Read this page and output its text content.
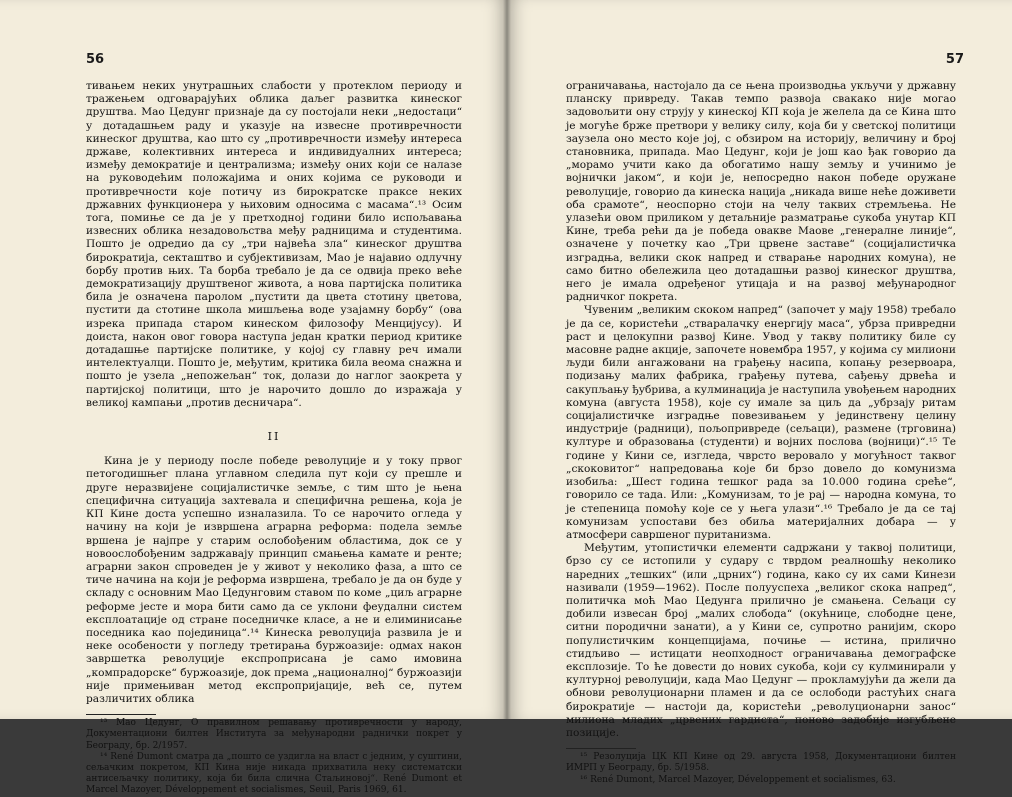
56

тивањем неких унутрашњих слабости у протеклом периоду и тражењем одговарајућих облика даљег развитка кинеског друштва. Мао Цедунг признаје да су постојали неки „недостаци“ у дотадашњем раду и указује на извесне противречности кинеског друштва, као што су „противречности између интереса државе, колективних интереса и индивидуалних интереса; између демократије и централизма; између оних који се налазе на руководећим положајима и оних којима се руководи и противречности које потичу из бирократске праксе неких државних функционера у њиховим односима с масама“.¹³ Осим тога, помиње се да је у претходној години било испољавања извесних облика незадовољства међу радницима и студентима. Пошто је одредио да су „три највећа зла“ кинеског друштва бирократија, секташтво и субјективизам, Мао је најавио одлучну борбу против њих. Та борба требало је да се одвија преко веће демократизацију друштвеног живота, а нова партијска политика била је означена паролом „пустити да цвета стотину цветова, пустити да стотине школа мишљења воде узајамну борбу“ (ова изрека припада старом кинеском филозофу Менцијусу). И доиста, након овог говора наступа један кратки период критике дотадашње партијске политике, у којој су главну реч имали интелектуалци. Пошто је, међутим, критика била веома снажна и пошто је узела „непожељан“ ток, долази до наглог заокрета у партијској политици, што је нарочито дошло до изражаја у великој кампањи „против десничара“.

II

Кина је у периоду после победе револуције и у току првог петогодишњег плана углавном следила пут који су прешле и друге неразвијене социјалистичке земље, с тим што је њена специфична ситуација захтевала и специфична решења, која је КП Кине доста успешно изналазила. То се нарочито огледа у начину на који је извршена аграрна реформа: подела земље вршена је најпре у старим ослобођеним областима, док се у новоослобођеним задржавају принцип смањења камате и ренте; аграрни закон спроведен је у живот у неколико фаза, а што се тиче начина на који је реформа извршена, требало је да он буде у складу с основним Мао Цедунговим ставом по коме „циљ аграрне реформе јесте и мора бити само да се уклони феудални систем експлоатације од стране поседничке класе, а не и елиминисање поседника као појединица“.¹⁴ Кинеска револуција развила је и неке особености у погледу третирања буржоазије: одмах након завршетка револуције експроприсана је само имовина „компрадорске“ буржоазије, док према „националној“ буржоазији није примењиван метод експропријације, већ се, путем различитих облика

¹³ Мао Цедунг, О правилном решавању противречности у народу, Документациони билтен Института за међународни раднички покрет у Београду, бр. 2/1957.

¹⁴ René Dumont сматра да „пошто се уздигла на власт с једним, у суштини, сељачким покретом, КП Кина није никада прихватила неку систематски антисељачку политику, која би била слична Стаљиновој“. René Dumont et Marcel Mazoyer, Développement et socialismes, Seuil, Paris 1969, 61.

57

ограничавања, настојало да се њена производња укључи у државну планску привреду. Такав темпо развоја свакако није могао задовољити ону струју у кинеској КП која је желела да се Кина што је могуће брже претвори у велику силу, која би у светској политици заузела оно место које јој, с обзиром на историју, величину и број становника, припада. Мао Цедунг, који је још као ђак говорио да „морамо учити како да обогатимо нашу земљу и учинимо је војнички јаком“, и који је, непосредно након победе оружане револуције, говорио да кинеска нација „никада више неће доживети оба срамоте“, неоспорно стоји на челу таквих стремљења. Не улазећи овом приликом у детаљније разматрање сукоба унутар КП Кине, треба рећи да је победа овакве Маове „генералне линије“, означене у почетку као „Три црвене заставе“ (социјалистичка изградња, велики скок напред и стварање народних комуна), не само битно обележила цео дотадашњи развој кинеског друштва, него је имала одређеног утицаја и на развој међународног радничког покрета.

Чувеним „великим скоком напред“ (започет у мају 1958) требало је да се, користећи „стваралачку енергију маса“, убрза привредни раст и целокупни развој Кине. Увод у такву политику биле су масовне радне акције, започете новембра 1957, у којима су милиони људи били ангажовани на грађењу насипа, копању резервоара, подизању малих фабрика, грађењу путева, сађењу дрвећа и сакупљању ђубрива, а кулминација је наступила увођењем народних комуна (августа 1958), које су имале за циљ да „убрзају ритам социјалистичке изградње повезивањем у јединствену целину индустрије (радници), пољопривреде (сељаци), размене (трговина) културе и образовања (студенти) и војних послова (војници)“.¹⁵ Те године у Кини се, изгледа, чврсто веровало у могућност таквог „скоковитог“ напредовања које би брзо довело до комунизма изобиља: „Шест година тешког рада за 10.000 година среће“, говорило се тада. Или: „Комунизам, то је рај — народна комуна, то је степеница помоћу које се у њега улази“.¹⁶ Требало је да се тај комунизам успостави без обиља материјалних добара — у атмосфери савршеног пуританизма.

Међутим, утопистички елементи садржани у таквој политици, брзо су се истопили у судару с тврдом реалношћу неколико наредних „тешких“ (или „црних“) година, како су их сами Кинези називали (1959—1962). После полууспеха „великог скока напред“, политичка моћ Мао Цедунга прилично је смањена. Сељаци су добили извесан број „малих слобода“ (окућнице, слободне цене, ситни породични занати), а у Кини се, супротно ранијим, скоро популистичким концепцијама, почиње — истина, прилично стидљиво — истицати неопходност ограничавања демографске експлозије. То ће довести до нових сукоба, који су кулминирали у културној револуцији, када Мао Цедунг — прокламујући да жели да обнови револуционарни пламен и да се ослободи растућих снага бирократије — настоји да, користећи „револуционарни занос“ милиона младих „црвених гардиста“, поново задобије изгубљене позиције.

¹⁵ Резолуција ЦК КП Кине од 29. августа 1958, Документациони билтен ИМРП у Београду, бр. 5/1958.

¹⁶ René Dumont, Marcel Mazoyer, Développement et socialismes, 63.
